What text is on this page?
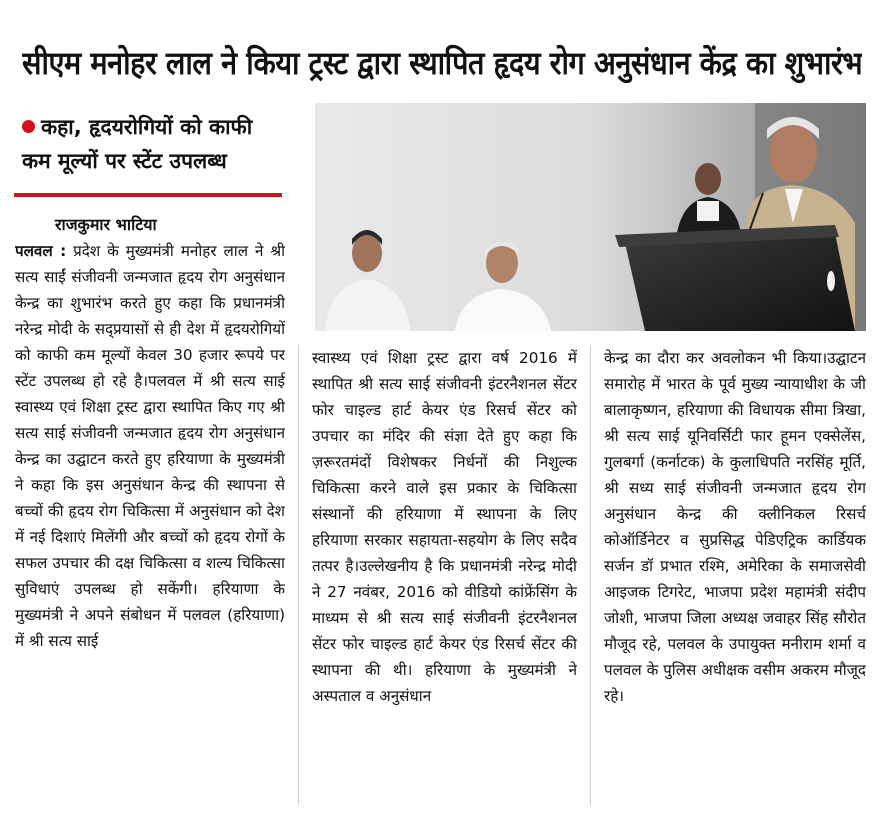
सीएम मनोहर लाल ने किया ट्रस्ट द्वारा स्थापित हृदय रोग अनुसंधान केंद्र का शुभारंभ
कहा, हृदयरोगियों को काफी
कम मूल्यों पर स्टेंट उपलब्ध
राजकुमार भाटिया

पलवल : प्रदेश के मुख्यमंत्री मनोहर लाल ने श्री सत्य साईं संजीवनी जन्मजात हृदय रोग अनुसंधान केन्द्र का शुभारंभ करते हुए कहा कि प्रधानमंत्री नरेन्द्र मोदी के सद्प्रयासों से ही देश में हृदयरोगियों को काफी कम मूल्यों केवल 30 हजार रूपये पर स्टेंट उपलब्ध हो रहे है।पलवल में श्री सत्य साई स्वास्थ्य एवं शिक्षा ट्रस्ट द्वारा स्थापित किए गए श्री सत्य साई संजीवनी जन्मजात हृदय रोग अनुसंधान केन्द्र का उद्घाटन करते हुए हरियाणा के मुख्यमंत्री ने कहा कि इस अनुसंधान केन्द्र की स्थापना से बच्चों की हृदय रोग चिकित्सा में अनुसंधान को देश में नई दिशाएं मिलेंगी और बच्चों को हृदय रोगों के सफल उपचार की दक्ष चिकित्सा व शल्य चिकित्सा सुविधाएं उपलब्ध हो सकेंगी। हरियाणा के मुख्यमंत्री ने अपने संबोधन में पलवल (हरियाणा) में श्री सत्य साई

स्वास्थ्य एवं शिक्षा ट्रस्ट द्वारा वर्ष 2016 में स्थापित श्री सत्य साई संजीवनी इंटरनैशनल सेंटर फोर चाइल्ड हार्ट केयर एंड रिसर्च सेंटर को उपचार का मंदिर की संज्ञा देते हुए कहा कि ज़रूरतमंदों विशेषकर निर्धनों की निशुल्क चिकित्सा करने वाले इस प्रकार के चिकित्सा संस्थानों की हरियाणा में स्थापना के लिए हरियाणा सरकार सहायता-सहयोग के लिए सदैव तत्पर है।उल्लेखनीय है कि प्रधानमंत्री नरेन्द्र मोदी ने 27 नवंबर, 2016 को वीडियो कांफ्रेंसिंग के माध्यम से श्री सत्य साई संजीवनी इंटरनैशनल सेंटर फोर चाइल्ड हार्ट केयर एंड रिसर्च सेंटर की स्थापना की थी। हरियाणा के मुख्यमंत्री ने अस्पताल व अनुसंधान

केन्द्र का दौरा कर अवलोकन भी किया।उद्घाटन समारोह में भारत के पूर्व मुख्य न्यायाधीश के जी बालाकृष्णन, हरियाणा की विधायक सीमा त्रिखा, श्री सत्य साई यूनिवर्सिटी फार हूमन एक्सेलेंस, गुलबर्गा (कर्नाटक) के कुलाधिपति नरसिंह मूर्ति, श्री सध्य साई संजीवनी जन्मजात हृदय रोग अनुसंधान केन्द्र की क्लीनिकल रिसर्च कोऑर्डिनेटर व सुप्रसिद्ध पेडिएट्रिक कार्डियक सर्जन डॉ प्रभात रश्मि, अमेरिका के समाजसेवी आइजक टिगरेट, भाजपा प्रदेश महामंत्री संदीप जोशी, भाजपा जिला अध्यक्ष जवाहर सिंह सौरोत मौजूद रहे, पलवल के उपायुक्त मनीराम शर्मा व पलवल के पुलिस अधीक्षक वसीम अकरम मौजूद रहे।
